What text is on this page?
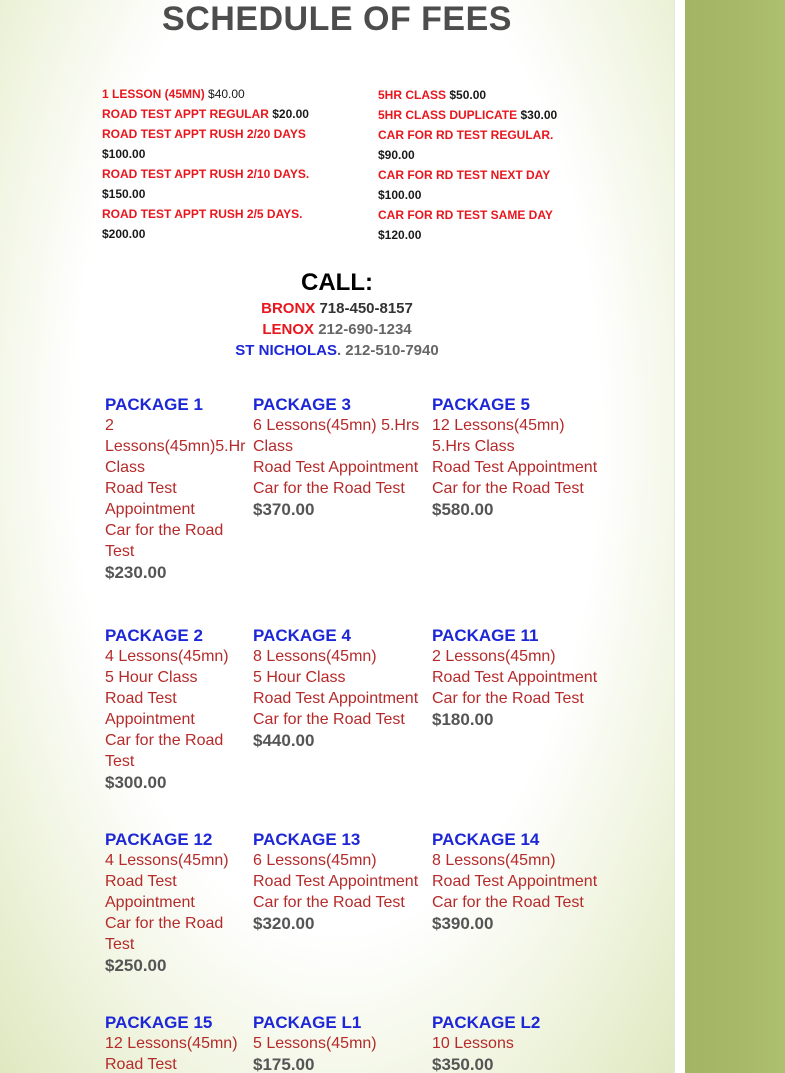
SCHEDULE OF FEES
1 LESSON (45MN) $40.00
ROAD TEST APPT REGULAR $20.00
ROAD TEST APPT RUSH 2/20 DAYS
$100.00
ROAD TEST APPT RUSH 2/10 DAYS.
$150.00
ROAD TEST APPT RUSH 2/5 DAYS.
$200.00
5HR CLASS $50.00
5HR CLASS DUPLICATE $30.00
CAR FOR RD TEST REGULAR.
$90.00
CAR FOR RD TEST NEXT DAY
$100.00
CAR FOR RD TEST SAME DAY
$120.00
CALL:
BRONX 718-450-8157
LENOX 212-690-1234
ST NICHOLAS. 212-510-7940
PACKAGE 1
2
Lessons(45mn)5.Hr
Class
Road Test
Appointment
Car for the Road
Test
$230.00
PACKAGE 3
6 Lessons(45mn) 5.Hrs
Class
Road Test Appointment
Car for the Road Test
$370.00
PACKAGE 5
12 Lessons(45mn)
5.Hrs Class
Road Test Appointment
Car for the Road Test
$580.00
PACKAGE 2
4 Lessons(45mn)
5 Hour Class
Road Test
Appointment
Car for the Road
Test
$300.00
PACKAGE 4
8 Lessons(45mn)
5 Hour Class
Road Test Appointment
Car for the Road Test
$440.00
PACKAGE 11
2 Lessons(45mn)
Road Test Appointment
Car for the Road Test
$180.00
PACKAGE 12
4 Lessons(45mn)
Road Test
Appointment
Car for the Road
Test
$250.00
PACKAGE 13
6 Lessons(45mn)
Road Test Appointment
Car for the Road Test
$320.00
PACKAGE 14
8 Lessons(45mn)
Road Test Appointment
Car for the Road Test
$390.00
PACKAGE 15
12 Lessons(45mn)
Road Test
PACKAGE L1
5 Lessons(45mn)
$175.00
PACKAGE L2
10 Lessons
$350.00
